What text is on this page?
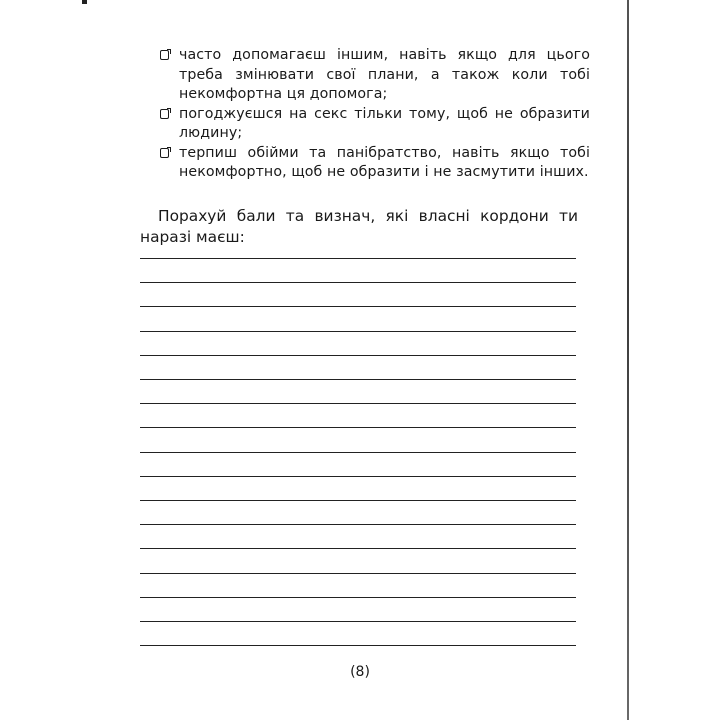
часто допомагаєш іншим, навіть якщо для цього треба змінювати свої плани, а також коли тобі некомфортна ця допомога;
погоджуєшся на секс тільки тому, щоб не образити людину;
терпиш обійми та панібратство, навіть якщо тобі некомфортно, щоб не образити і не засмутити інших.

Порахуй бали та визнач, які власні кордони ти наразі маєш:

(8)
